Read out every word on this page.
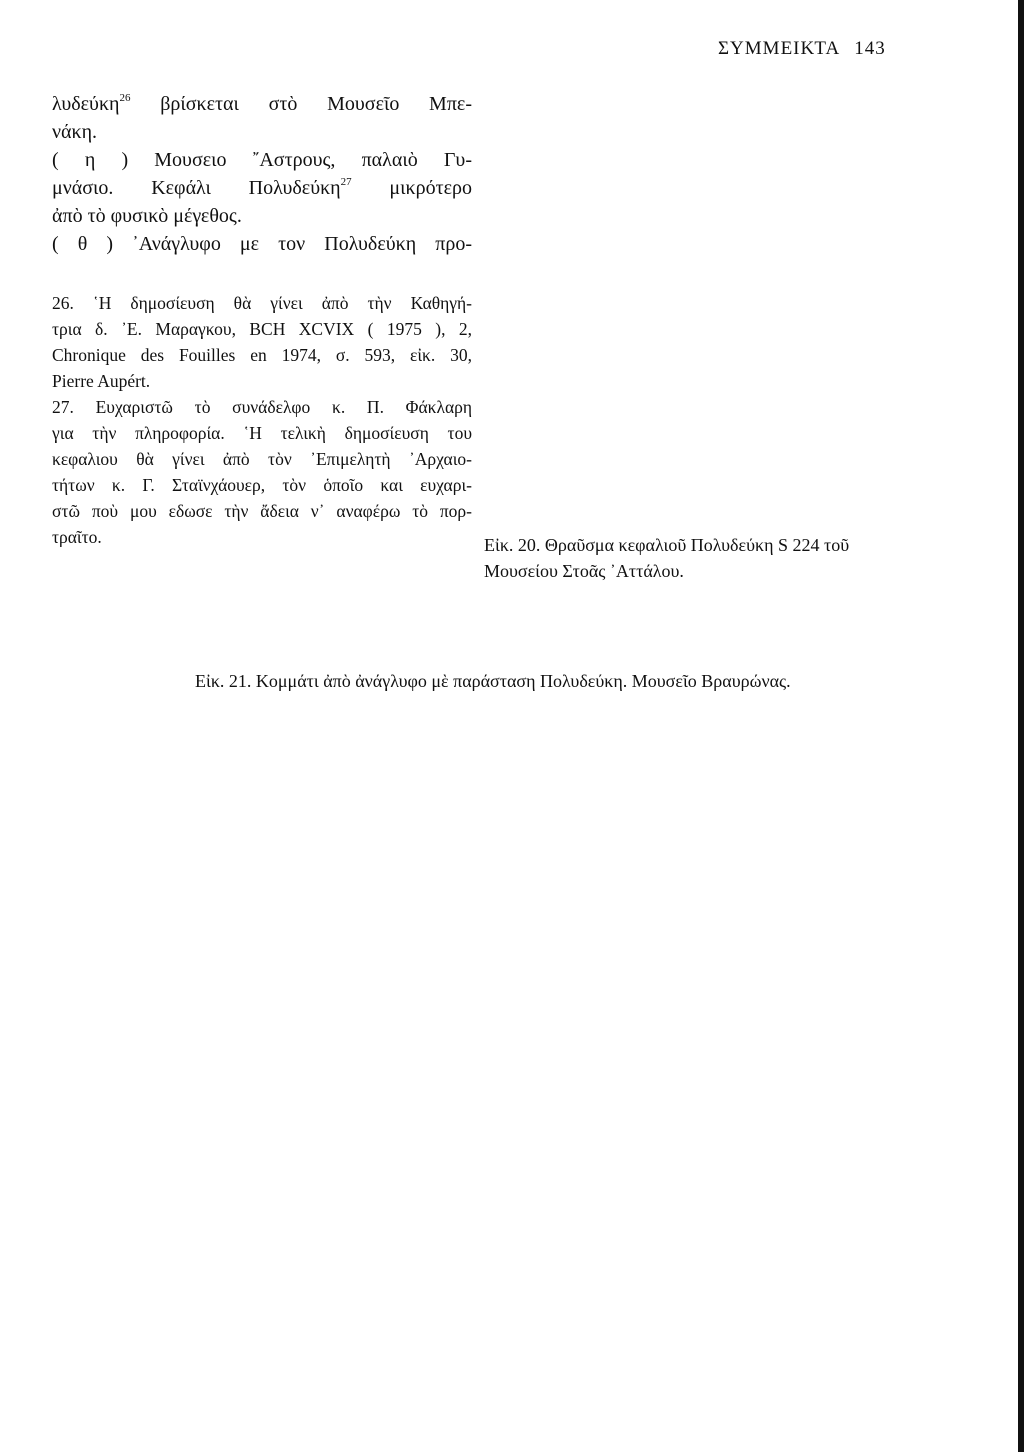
ΣΥΜΜΕΙΚΤΑ 143
λυδεύκη$^{26}$ βρίσκεται στὸ Μουσεῖο Μπε-
νάκη.
( η ) Μουσειο ῎Αστρους, παλαιὸ Γυ-
μνάσιο. Κεφάλι Πολυδεύκη$^{27}$ μικρότερο
ἀπὸ τὸ φυσικὸ μέγεθος.
( θ ) ᾿Ανάγλυφο με τον Πολυδεύκη προ-
26. ῾Η δημοσίευση θὰ γίνει ἀπὸ τὴν Καθηγή-
τρια δ. ᾿Ε. Μαραγκου, BCH XCVIX ( 1975 ), 2,
Chronique des Fouilles en 1974, σ. 593, εἰκ. 30,
Pierre Aupért.
27. Ευχαριστῶ τὸ συνάδελφο κ. Π. Φάκλαρη
για τὴν πληροφορία. ῾Η τελικὴ δημοσίευση του
κεφαλιου θὰ γίνει ἀπὸ τὸν ᾿Επιμελητὴ ᾿Αρχαιο-
τήτων κ. Γ. Σταϊνχάουερ, τὸν ὁποῖο και ευχαρι-
στῶ ποὺ μου εδωσε τὴν ἄδεια ν᾿ αναφέρω τὸ πορ-
τραῖτο.	Εἰκ. 20. Θραῦσμα κεφαλιοῦ Πολυδεύκη S 224 τοῦ
Μουσείου Στοᾶς ᾿Αττάλου.
Εἰκ. 21. Κομμάτι ἀπὸ ἀνάγλυφο μὲ παράσταση Πολυδεύκη. Μουσεῖο Βραυρώνας.
